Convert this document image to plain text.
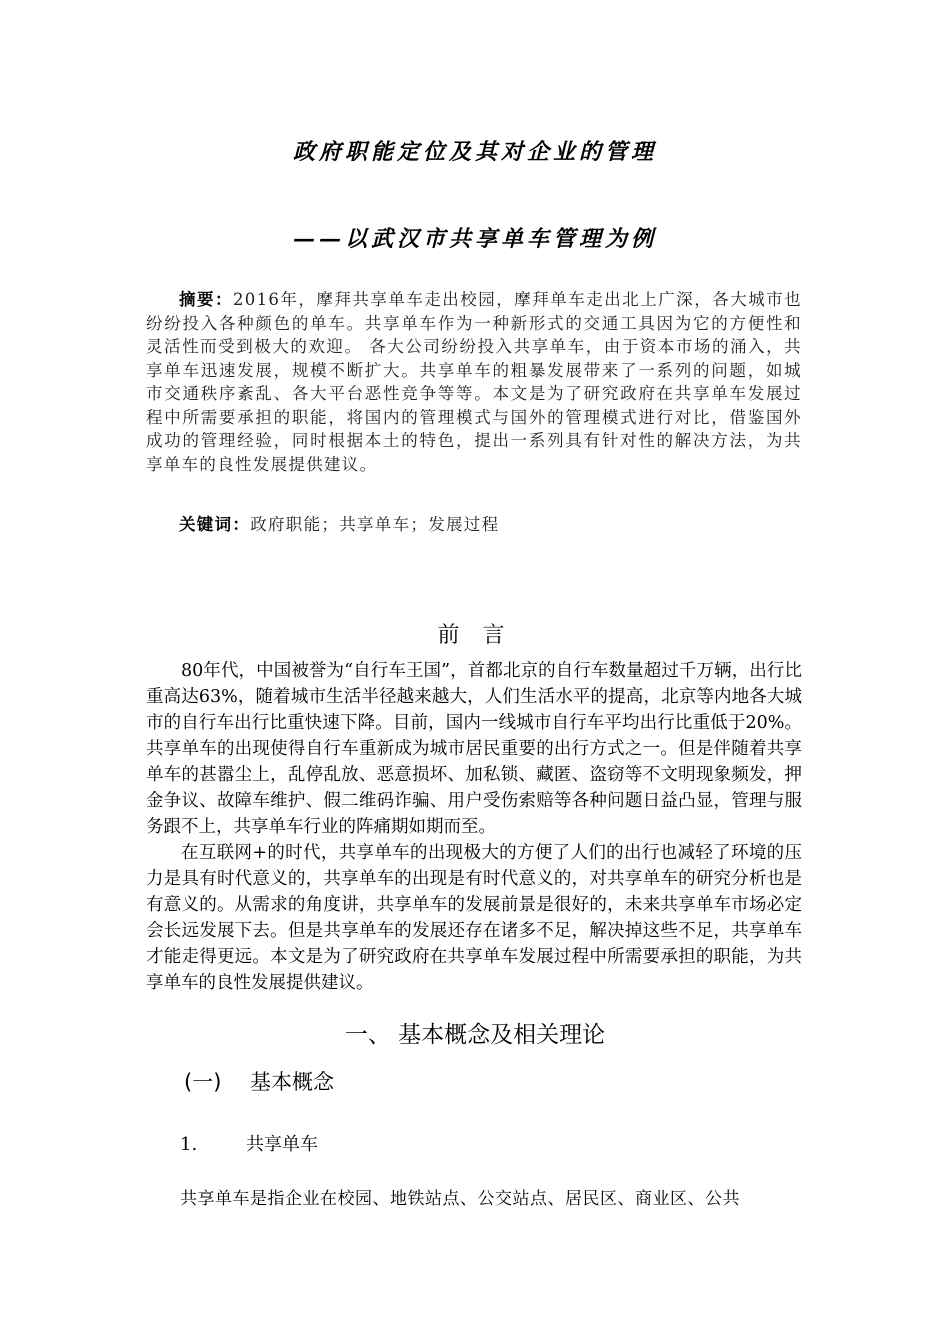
政府职能定位及其对企业的管理
——以武汉市共享单车管理为例
摘要：2016年，摩拜共享单车走出校园，摩拜单车走出北上广深，各大城市也纷纷投入各种颜色的单车。共享单车作为一种新形式的交通工具因为它的方便性和灵活性而受到极大的欢迎。 各大公司纷纷投入共享单车，由于资本市场的涌入，共享单车迅速发展，规模不断扩大。共享单车的粗暴发展带来了一系列的问题，如城市交通秩序紊乱、各大平台恶性竞争等等。本文是为了研究政府在共享单车发展过程中所需要承担的职能，将国内的管理模式与国外的管理模式进行对比，借鉴国外成功的管理经验，同时根据本土的特色，提出一系列具有针对性的解决方法，为共享单车的良性发展提供建议。
关键词：政府职能；共享单车；发展过程
前 言

80年代，中国被誉为“自行车王国”，首都北京的自行车数量超过千万辆，出行比重高达63%，随着城市生活半径越来越大，人们生活水平的提高，北京等内地各大城市的自行车出行比重快速下降。目前，国内一线城市自行车平均出行比重低于20%。共享单车的出现使得自行车重新成为城市居民重要的出行方式之一。但是伴随着共享单车的甚嚣尘上，乱停乱放、恶意损坏、加私锁、藏匿、盗窃等不文明现象频发，押金争议、故障车维护、假二维码诈骗、用户受伤索赔等各种问题日益凸显，管理与服务跟不上，共享单车行业的阵痛期如期而至。

在互联网+的时代，共享单车的出现极大的方便了人们的出行也减轻了环境的压力是具有时代意义的，共享单车的出现是有时代意义的，对共享单车的研究分析也是有意义的。从需求的角度讲，共享单车的发展前景是很好的，未来共享单车市场必定会长远发展下去。但是共享单车的发展还存在诸多不足，解决掉这些不足，共享单车才能走得更远。本文是为了研究政府在共享单车发展过程中所需要承担的职能，为共享单车的良性发展提供建议。

一、 基本概念及相关理论
(一) 基本概念
1.	共享单车
共享单车是指企业在校园、地铁站点、公交站点、居民区、商业区、公共
